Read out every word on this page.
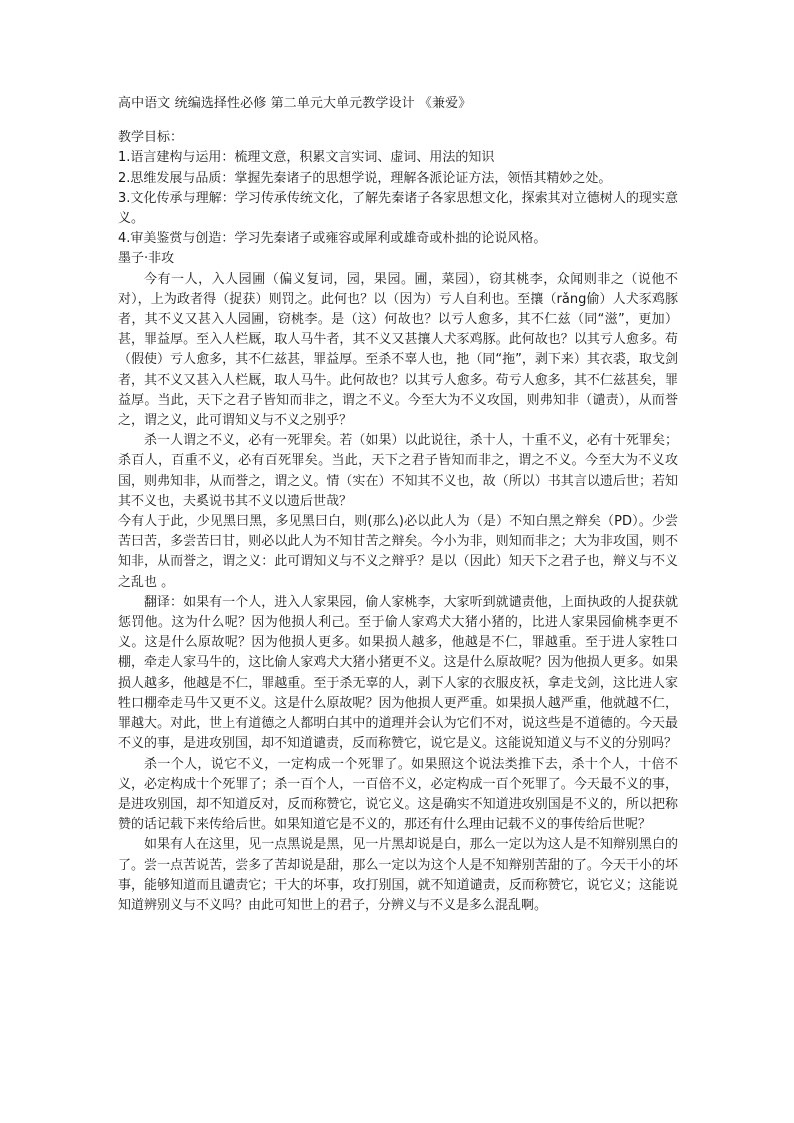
高中语文 统编选择性必修 第二单元大单元教学设计 《兼爱》

教学目标：

1.语言建构与运用：梳理文意，积累文言实词、虚词、用法的知识

2.思维发展与品质：掌握先秦诸子的思想学说，理解各派论证方法，领悟其精妙之处。

3.文化传承与理解：学习传承传统文化，了解先秦诸子各家思想文化，探索其对立德树人的现实意义。

4.审美鉴赏与创造：学习先秦诸子或雍容或犀利或雄奇或朴拙的论说风格。

墨子·非攻

今有一人，入人园圃（偏义复词，园，果园。圃，菜园），窃其桃李，众闻则非之（说他不对），上为政者得（捉获）则罚之。此何也？以（因为）亏人自利也。至攘（rǎng偷）人犬豕鸡豚者，其不义又甚入人园圃，窃桃李。是（这）何故也？以亏人愈多，其不仁兹（同“滋”，更加）甚，罪益厚。至入人栏厩，取人马牛者，其不义又甚攘人犬豕鸡豚。此何故也？以其亏人愈多。苟（假使）亏人愈多，其不仁兹甚，罪益厚。至杀不辜人也，扡（同“拖”，剥下来）其衣裘，取戈剑者，其不义又甚入人栏厩，取人马牛。此何故也？以其亏人愈多。苟亏人愈多，其不仁兹甚矣，罪益厚。当此，天下之君子皆知而非之，谓之不义。今至大为不义攻国，则弗知非（谴责），从而誉之，谓之义，此可谓知义与不义之别乎？

杀一人谓之不义，必有一死罪矣。若（如果）以此说往，杀十人，十重不义，必有十死罪矣；杀百人，百重不义，必有百死罪矣。当此，天下之君子皆知而非之，谓之不义。今至大为不义攻国，则弗知非，从而誉之，谓之义。情（实在）不知其不义也，故（所以）书其言以遗后世；若知其不义也，夫奚说书其不义以遗后世哉？

今有人于此，少见黑曰黑，多见黑曰白，则(那么)必以此人为（是）不知白黑之辩矣（PD）。少尝苦曰苦，多尝苦曰甘，则必以此人为不知甘苦之辩矣。今小为非，则知而非之；大为非攻国，则不知非，从而誉之，谓之义：此可谓知义与不义之辩乎？是以（因此）知天下之君子也，辩义与不义之乱也 。

翻译：如果有一个人，进入人家果园，偷人家桃李，大家听到就谴责他，上面执政的人捉获就惩罚他。这为什么呢？因为他损人利己。至于偷人家鸡犬大猪小猪的，比进人家果园偷桃李更不义。这是什么原故呢？因为他损人更多。如果损人越多，他越是不仁，罪越重。至于进人家牲口棚，牵走人家马牛的，这比偷人家鸡犬大猪小猪更不义。这是什么原故呢？因为他损人更多。如果损人越多，他越是不仁，罪越重。至于杀无辜的人，剥下人家的衣服皮袄，拿走戈剑，这比进人家牲口棚牵走马牛又更不义。这是什么原故呢？因为他损人更严重。如果损人越严重，他就越不仁，罪越大。对此，世上有道德之人都明白其中的道理并会认为它们不对，说这些是不道德的。今天最不义的事，是进攻别国，却不知道谴责，反而称赞它，说它是义。这能说知道义与不义的分别吗？

杀一个人，说它不义，一定构成一个死罪了。如果照这个说法类推下去，杀十个人，十倍不义，必定构成十个死罪了；杀一百个人，一百倍不义，必定构成一百个死罪了。今天最不义的事，是进攻别国，却不知道反对，反而称赞它，说它义。这是确实不知道进攻别国是不义的，所以把称赞的话记载下来传给后世。如果知道它是不义的，那还有什么理由记载不义的事传给后世呢？

如果有人在这里，见一点黑说是黑，见一片黑却说是白，那么一定以为这人是不知辩别黑白的了。尝一点苦说苦，尝多了苦却说是甜，那么一定以为这个人是不知辩别苦甜的了。今天干小的坏事，能够知道而且谴责它；干大的坏事，攻打别国，就不知道谴责，反而称赞它，说它义；这能说知道辨别义与不义吗？由此可知世上的君子，分辨义与不义是多么混乱啊。
